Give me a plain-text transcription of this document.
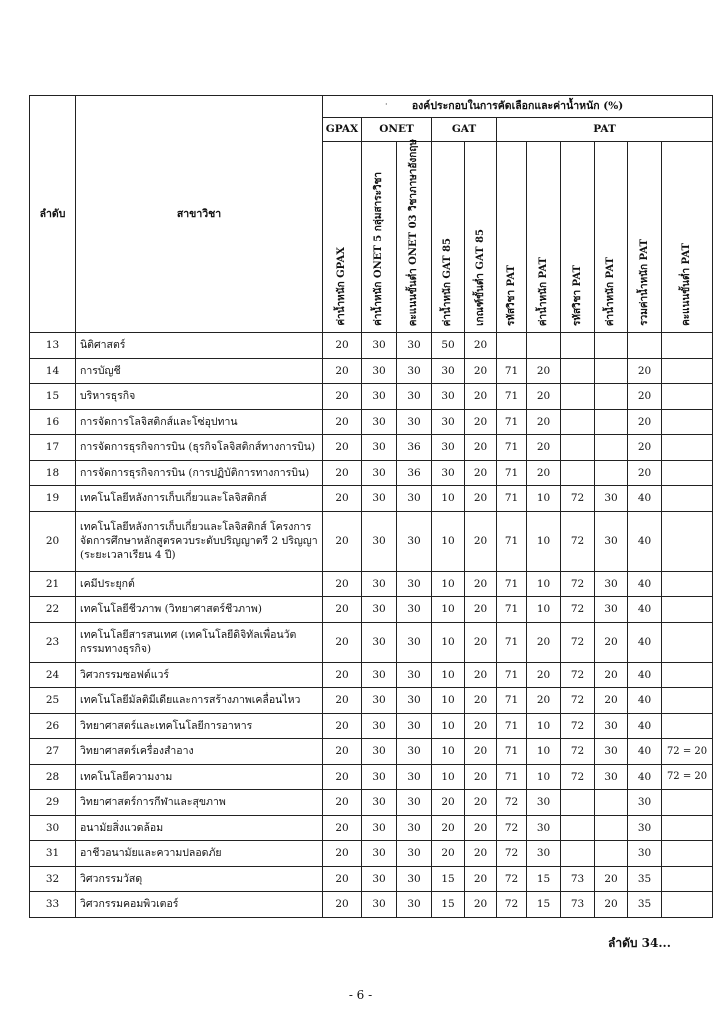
·
ลำดับ	สาขาวิชา	องค์ประกอบในการคัดเลือกและค่าน้ำหนัก (%)										
		GPAX	ONET		GAT		PAT					

		ค่าน้ำหนัก GPAX	ค่าน้ำหนัก ONET 5 กลุ่มสาระวิชา	คะแนนขั้นต่ำ ONET 03 วิชาภาษาอังกฤษ	ค่าน้ำหนัก GAT 85	เกณฑ์ขั้นต่ำ GAT 85	รหัสวิชา PAT	ค่าน้ำหนัก PAT	รหัสวิชา PAT	ค่าน้ำหนัก PAT	รวมค่าน้ำหนัก PAT	คะแนนขั้นต่ำ PAT

13	นิติศาสตร์	20	30	30	50	20						
14	การบัญชี	20	30	30	30	20	71	20			20	
15	บริหารธุรกิจ	20	30	30	30	20	71	20			20	
16	การจัดการโลจิสติกส์และโซ่อุปทาน	20	30	30	30	20	71	20			20	
17	การจัดการธุรกิจการบิน (ธุรกิจโลจิสติกส์ทางการบิน)	20	30	36	30	20	71	20			20	
18	การจัดการธุรกิจการบิน (การปฏิบัติการทางการบิน)	20	30	36	30	20	71	20			20	
19	เทคโนโลยีหลังการเก็บเกี่ยวและโลจิสติกส์	20	30	30	10	20	71	10	72	30	40	
20	เทคโนโลยีหลังการเก็บเกี่ยวและโลจิสติกส์ โครงการจัดการศึกษาหลักสูตรควบระดับปริญญาตรี 2 ปริญญา (ระยะเวลาเรียน 4 ปี)	20	30	30	10	20	71	10	72	30	40	
21	เคมีประยุกต์	20	30	30	10	20	71	10	72	30	40	
22	เทคโนโลยีชีวภาพ (วิทยาศาสตร์ชีวภาพ)	20	30	30	10	20	71	10	72	30	40	
23	เทคโนโลยีสารสนเทศ (เทคโนโลยีดิจิทัลเพื่อนวัตกรรมทางธุรกิจ)	20	30	30	10	20	71	20	72	20	40	
24	วิศวกรรมซอฟต์แวร์	20	30	30	10	20	71	20	72	20	40	
25	เทคโนโลยีมัลติมีเดียและการสร้างภาพเคลื่อนไหว	20	30	30	10	20	71	20	72	20	40	
26	วิทยาศาสตร์และเทคโนโลยีการอาหาร	20	30	30	10	20	71	10	72	30	40	
27	วิทยาศาสตร์เครื่องสำอาง	20	30	30	10	20	71	10	72	30	40	72 = 20
28	เทคโนโลยีความงาม	20	30	30	10	20	71	10	72	30	40	72 = 20
29	วิทยาศาสตร์การกีฬาและสุขภาพ	20	30	30	20	20	72	30			30	
30	อนามัยสิ่งแวดล้อม	20	30	30	20	20	72	30			30	
31	อาชีวอนามัยและความปลอดภัย	20	30	30	20	20	72	30			30	
32	วิศวกรรมวัสดุ	20	30	30	15	20	72	15	73	20	35	
33	วิศวกรรมคอมพิวเตอร์	20	30	30	15	20	72	15	73	20	35	
ลำดับ 34...
- 6 -
